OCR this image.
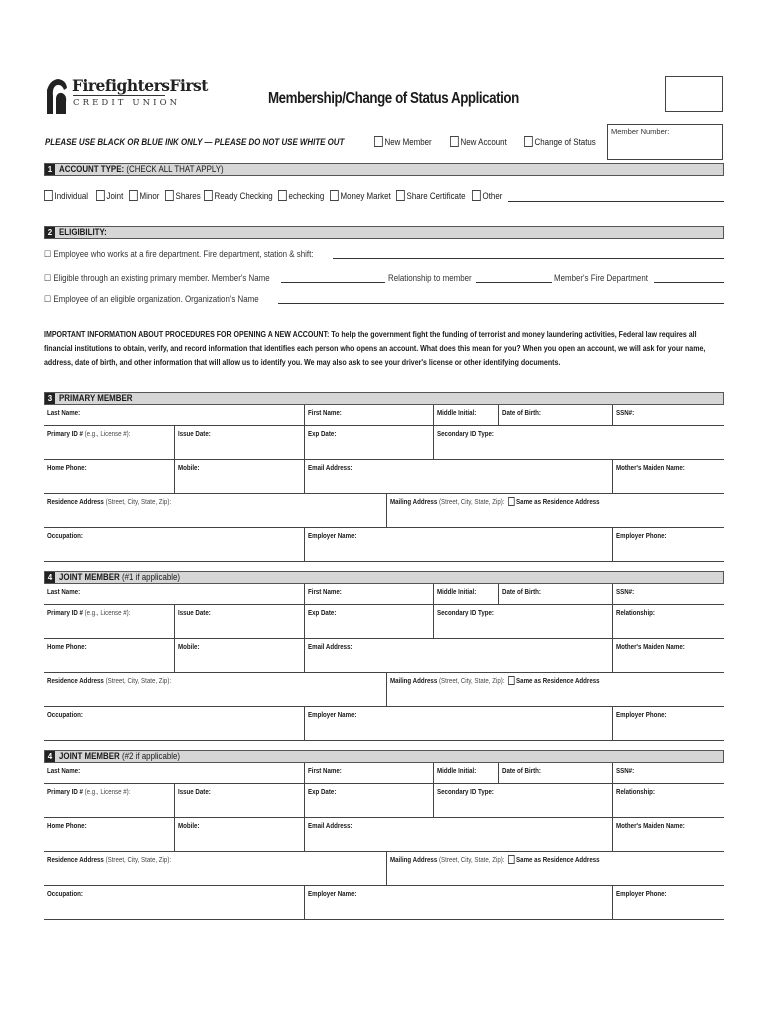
FirefightersFirst
CREDIT UNION	Membership/Change of Status Application
Member Number:
PLEASE USE BLACK OR BLUE INK ONLY — PLEASE DO NOT USE WHITE OUT	New Member	New Account	Change of Status
1 ACCOUNT TYPE: (CHECK ALL THAT APPLY)
Individual	Joint	Minor	Shares	Ready Checking	echecking	Money Market	Share Certificate	Other
2 ELIGIBILITY:
☐ Employee who works at a fire department. Fire department, station & shift:
☐ Eligible through an existing primary member. Member's Name	Relationship to member	Member's Fire Department
☐ Employee of an eligible organization. Organization's Name
IMPORTANT INFORMATION ABOUT PROCEDURES FOR OPENING A NEW ACCOUNT: To help the government fight the funding of terrorist and money laundering activities, Federal law requires all financial institutions to obtain, verify, and record information that identifies each person who opens an account. What does this mean for you? When you open an account, we will ask for your name, address, date of birth, and other information that will allow us to identify you. We may also ask to see your driver's license or other identifying documents.
3 PRIMARY MEMBER
Last Name:	First Name:	Middle Initial:	Date of Birth:	SSN#:
Primary ID # (e.g., License #):	Issue Date:	Exp Date:	Secondary ID Type:
Home Phone:	Mobile:	Email Address:	Mother's Maiden Name:
Residence Address (Street, City, State, Zip):	Mailing Address (Street, City, State, Zip): Same as Residence Address
Occupation:	Employer Name:	Employer Phone:
4 JOINT MEMBER (#1 if applicable)
Last Name:	First Name:	Middle Initial:	Date of Birth:	SSN#:
Primary ID # (e.g., License #):	Issue Date:	Exp Date:	Secondary ID Type:	Relationship:
Home Phone:	Mobile:	Email Address:	Mother's Maiden Name:
Residence Address (Street, City, State, Zip):	Mailing Address (Street, City, State, Zip): Same as Residence Address
Occupation:	Employer Name:	Employer Phone:
4 JOINT MEMBER (#2 if applicable)
Last Name:	First Name:	Middle Initial:	Date of Birth:	SSN#:
Primary ID # (e.g., License #):	Issue Date:	Exp Date:	Secondary ID Type:	Relationship:
Home Phone:	Mobile:	Email Address:	Mother's Maiden Name:
Residence Address (Street, City, State, Zip):	Mailing Address (Street, City, State, Zip): Same as Residence Address
Occupation:	Employer Name:	Employer Phone:
